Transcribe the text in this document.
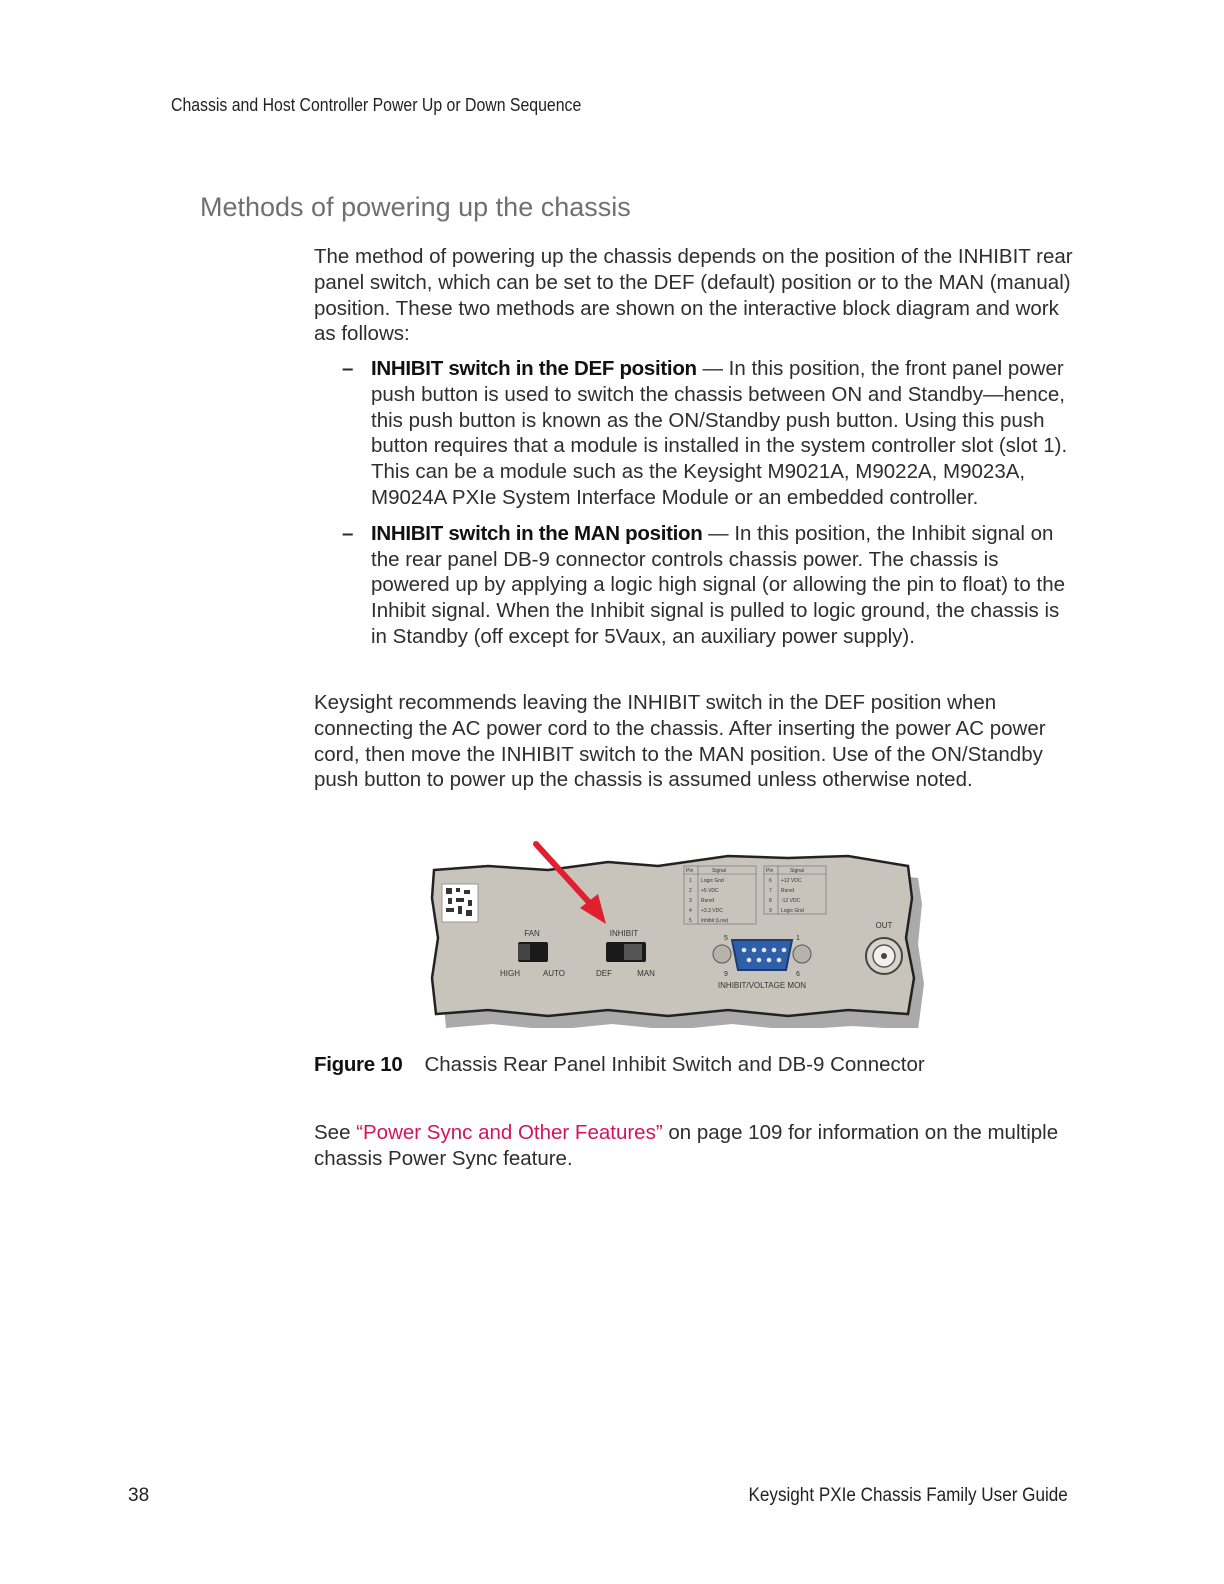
Chassis and Host Controller Power Up or Down Sequence
Methods of powering up the chassis

The method of powering up the chassis depends on the position of the INHIBIT rear panel switch, which can be set to the DEF (default) position or to the MAN (manual) position. These two methods are shown on the interactive block diagram and work as follows:

– INHIBIT switch in the DEF position — In this position, the front panel power push button is used to switch the chassis between ON and Standby—hence, this push button is known as the ON/Standby push button. Using this push button requires that a module is installed in the system controller slot (slot 1). This can be a module such as the Keysight M9021A, M9022A, M9023A, M9024A PXIe System Interface Module or an embedded controller.
– INHIBIT switch in the MAN position — In this position, the Inhibit signal on the rear panel DB-9 connector controls chassis power. The chassis is powered up by applying a logic high signal (or allowing the pin to float) to the Inhibit signal. When the Inhibit signal is pulled to logic ground, the chassis is in Standby (off except for 5Vaux, an auxiliary power supply).

Keysight recommends leaving the INHIBIT switch in the DEF position when connecting the AC power cord to the chassis. After inserting the power AC power cord, then move the INHIBIT switch to the MAN position. Use of the ON/Standby push button to power up the chassis is assumed unless otherwise noted.

FAN
HIGH	AUTO
INHIBIT
DEF	MAN
Pin	Signal
1 Logic Gnd
2 +5 VDC
3 Rsrvd
4 +3.3 VDC
5 Inhibit (Low)
Pin	Signal
6 +12 VDC
7 Rsrvd
8 -12 VDC
9 Logic Gnd
5	1
9	6
INHIBIT/VOLTAGE MON
OUT
Figure 10 Chassis Rear Panel Inhibit Switch and DB-9 Connector

See “Power Sync and Other Features” on page 109 for information on the multiple chassis Power Sync feature.

38	Keysight PXIe Chassis Family User Guide
